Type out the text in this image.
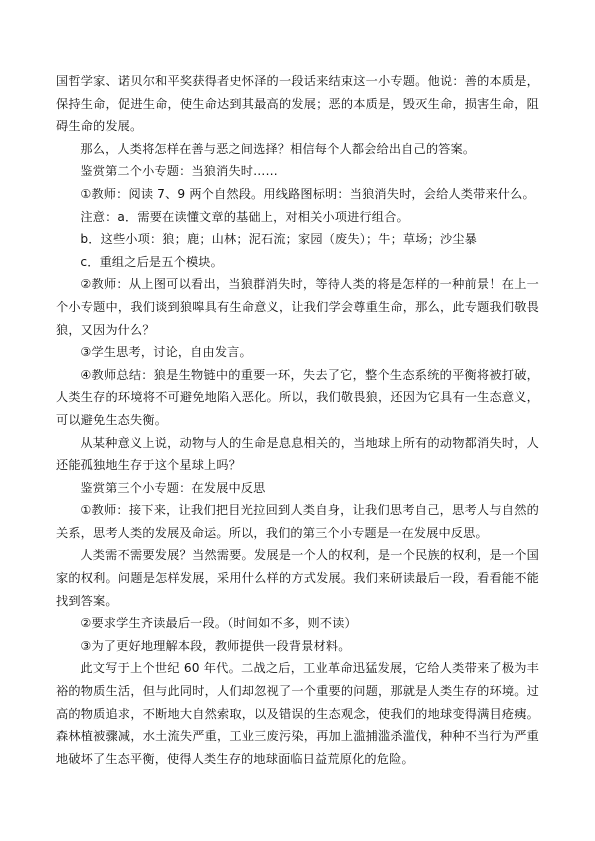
国哲学家、诺贝尔和平奖获得者史怀泽的一段话来结束这一小专题。他说：善的本质是，保持生命，促进生命，使生命达到其最高的发展；恶的本质是，毁灭生命，损害生命，阻碍生命的发展。

那么，人类将怎样在善与恶之间选择？相信每个人都会给出自己的答案。

鉴赏第二个小专题：当狼消失时……

①教师：阅读 7、9 两个自然段。用线路图标明：当狼消失时，会给人类带来什么。

注意：a．需要在读懂文章的基础上，对相关小项进行组合。

b．这些小项：狼；鹿；山林；泥石流；家园（废失）；牛；草场；沙尘暴

c．重组之后是五个模块。

②教师：从上图可以看出，当狼群消失时，等待人类的将是怎样的一种前景！在上一个小专题中，我们谈到狼嗥具有生命意义，让我们学会尊重生命，那么，此专题我们敬畏狼，又因为什么？

③学生思考，讨论，自由发言。

④教师总结：狼是生物链中的重要一环，失去了它，整个生态系统的平衡将被打破，人类生存的环境将不可避免地陷入恶化。所以，我们敬畏狼，还因为它具有一生态意义，可以避免生态失衡。

从某种意义上说，动物与人的生命是息息相关的，当地球上所有的动物都消失时，人还能孤独地生存于这个星球上吗？

鉴赏第三个小专题：在发展中反思

①教师：接下来，让我们把目光拉回到人类自身，让我们思考自己，思考人与自然的关系，思考人类的发展及命运。所以，我们的第三个小专题是一在发展中反思。

人类需不需要发展？当然需要。发展是一个人的权利，是一个民族的权利，是一个国家的权利。问题是怎样发展，采用什么样的方式发展。我们来研读最后一段，看看能不能找到答案。

②要求学生齐读最后一段。（时间如不多，则不读）

③为了更好地理解本段，教师提供一段背景材料。

此文写于上个世纪 60 年代。二战之后，工业革命迅猛发展，它给人类带来了极为丰裕的物质生活，但与此同时，人们却忽视了一个重要的问题，那就是人类生存的环境。过高的物质追求，不断地大自然索取，以及错误的生态观念，使我们的地球变得满目疮痍。森林植被骤减，水土流失严重，工业三废污染，再加上滥捕滥杀滥伐，种种不当行为严重地破坏了生态平衡，使得人类生存的地球面临日益荒原化的危险。
